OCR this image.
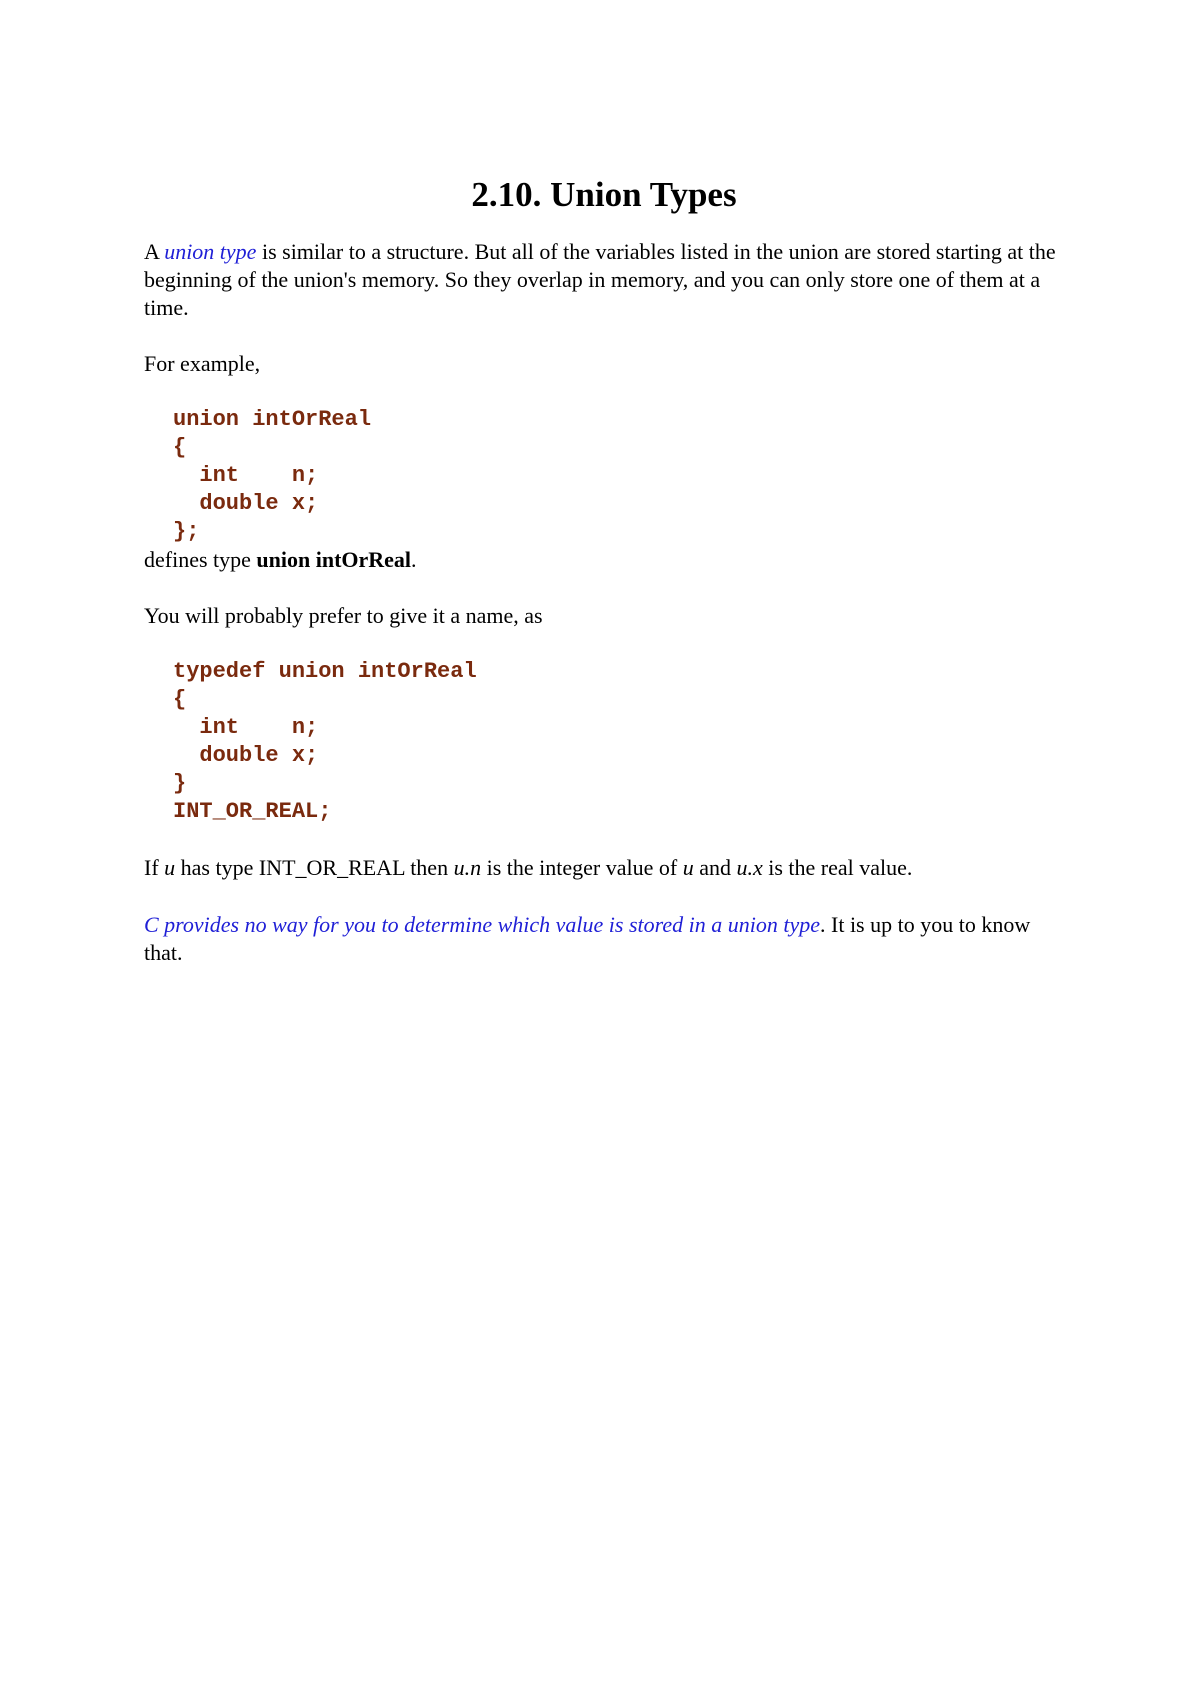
2.10. Union Types

A union type is similar to a structure. But all of the variables listed in the union are stored starting at the beginning of the union's memory. So they overlap in memory, and you can only store one of them at a time.

For example,

union intOrReal
{
int    n;
double x;
};

defines type union intOrReal.

You will probably prefer to give it a name, as

typedef union intOrReal
{
int    n;
double x;
}
INT_OR_REAL;

If u has type INT_OR_REAL then u.n is the integer value of u and u.x is the real value.

C provides no way for you to determine which value is stored in a union type. It is up to you to know that.
